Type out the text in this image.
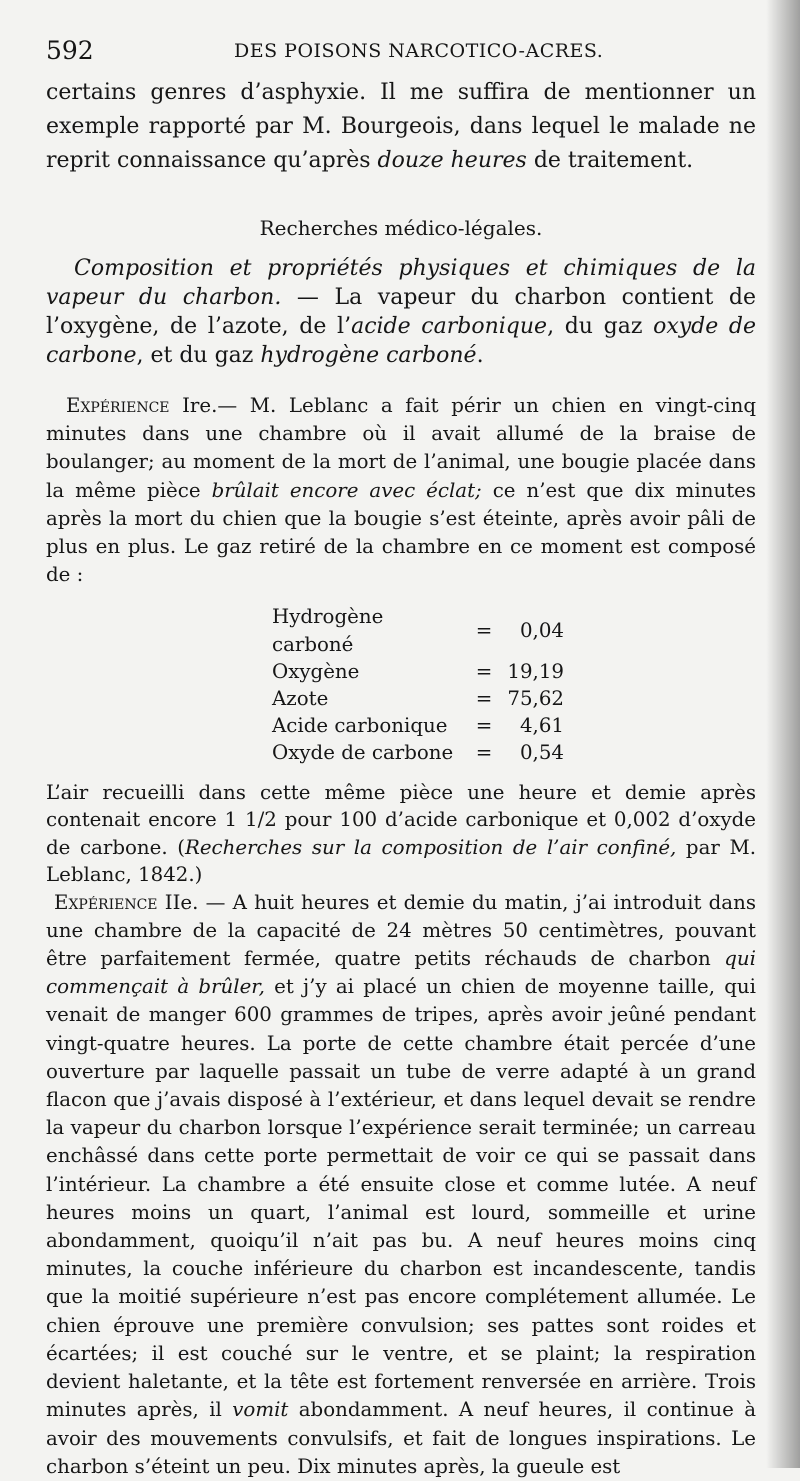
592	DES POISONS NARCOTICO-ACRES.

certains genres d’asphyxie. Il me suffira de mentionner un exemple rapporté par M. Bourgeois, dans lequel le malade ne reprit connaissance qu’après douze heures de traitement.

Recherches médico-légales.

Composition et propriétés physiques et chimiques de la vapeur du charbon. — La vapeur du charbon contient de l’oxygène, de l’azote, de l’acide carbonique, du gaz oxyde de carbone, et du gaz hydrogène carboné.

Expérience Ire.— M. Leblanc a fait périr un chien en vingt-cinq minutes dans une chambre où il avait allumé de la braise de boulanger; au moment de la mort de l’animal, une bougie placée dans la même pièce brûlait encore avec éclat; ce n’est que dix minutes après la mort du chien que la bougie s’est éteinte, après avoir pâli de plus en plus. Le gaz retiré de la chambre en ce moment est composé de :

Hydrogène carboné	=	0,04
Oxygène	=	19,19
Azote	=	75,62
Acide carbonique	=	4,61
Oxyde de carbone	=	0,54

L’air recueilli dans cette même pièce une heure et demie après contenait encore 1 1/2 pour 100 d’acide carbonique et 0,002 d’oxyde de carbone. (Recherches sur la composition de l’air confiné, par M. Leblanc, 1842.)

Expérience IIe. — A huit heures et demie du matin, j’ai introduit dans une chambre de la capacité de 24 mètres 50 centimètres, pouvant être parfaitement fermée, quatre petits réchauds de charbon qui commençait à brûler, et j’y ai placé un chien de moyenne taille, qui venait de manger 600 grammes de tripes, après avoir jeûné pendant vingt-quatre heures. La porte de cette chambre était percée d’une ouverture par laquelle passait un tube de verre adapté à un grand flacon que j’avais disposé à l’extérieur, et dans lequel devait se rendre la vapeur du charbon lorsque l’expérience serait terminée; un carreau enchâssé dans cette porte permettait de voir ce qui se passait dans l’intérieur. La chambre a été ensuite close et comme lutée. A neuf heures moins un quart, l’animal est lourd, sommeille et urine abondamment, quoiqu’il n’ait pas bu. A neuf heures moins cinq minutes, la couche inférieure du charbon est incandescente, tandis que la moitié supérieure n’est pas encore complétement allumée. Le chien éprouve une première convulsion; ses pattes sont roides et écartées; il est couché sur le ventre, et se plaint; la respiration devient haletante, et la tête est fortement renversée en arrière. Trois minutes après, il vomit abondamment. A neuf heures, il continue à avoir des mouvements convulsifs, et fait de longues inspirations. Le charbon s’éteint un peu. Dix minutes après, la gueule est
